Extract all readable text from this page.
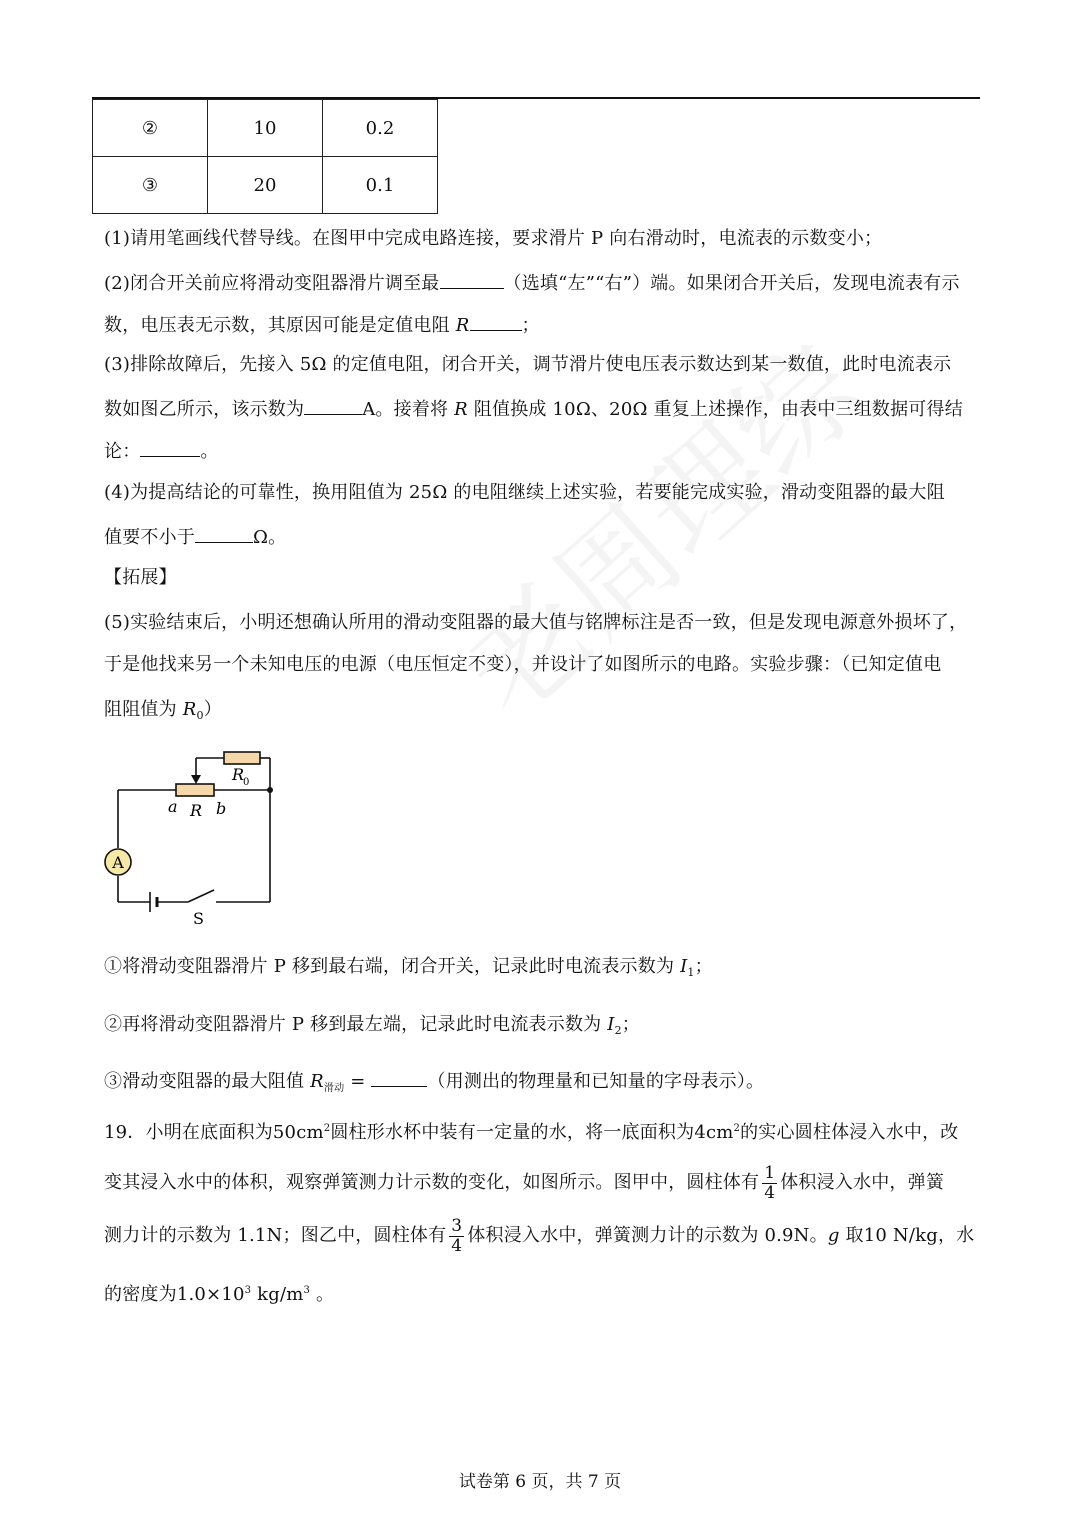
②	10	0.2
③	20	0.1
(1)请用笔画线代替导线。在图甲中完成电路连接，要求滑片 P 向右滑动时，电流表的示数变小；
(2)闭合开关前应将滑动变阻器滑片调至最	（选填“左”“右”）端。如果闭合开关后，发现电流表有示
数，电压表无示数，其原因可能是定值电阻 R	；
(3)排除故障后，先接入 5Ω 的定值电阻，闭合开关，调节滑片使电压表示数达到某一数值，此时电流表示
数如图乙所示，该示数为	A。接着将 R 阻值换成 10Ω、20Ω 重复上述操作，由表中三组数据可得结
论：	。
(4)为提高结论的可靠性，换用阻值为 25Ω 的电阻继续上述实验，若要能完成实验，滑动变阻器的最大阻
值要不小于	Ω。
【拓展】
(5)实验结束后，小明还想确认所用的滑动变阻器的最大值与铭牌标注是否一致，但是发现电源意外损坏了，
于是他找来另一个未知电压的电源（电压恒定不变），并设计了如图所示的电路。实验步骤：（已知定值电
阻阻值为 $R_0$）
A
R
0
a R b
S
①将滑动变阻器滑片 P 移到最右端，闭合开关，记录此时电流表示数为 $I_1$；
②再将滑动变阻器滑片 P 移到最左端，记录此时电流表示数为 $I_2$；
③滑动变阻器的最大阻值 $R_{滑动}$ =	（用测出的物理量和已知量的字母表示）。
19．小明在底面积为$50cm^2$圆柱形水杯中装有一定量的水，将一底面积为$4cm^2$的实心圆柱体浸入水中，改
变其浸入水中的体积，观察弹簧测力计示数的变化，如图所示。图甲中，圆柱体有 $\frac{1}{4}$ 体积浸入水中，弹簧
测力计的示数为 1.1N；图乙中，圆柱体有 $\frac{3}{4}$ 体积浸入水中，弹簧测力计的示数为 0.9N。g 取10 N/kg，水
的密度为$1.0\times 10^3$ $kg/m^3$ 。
试卷第 6 页，共 7 页
